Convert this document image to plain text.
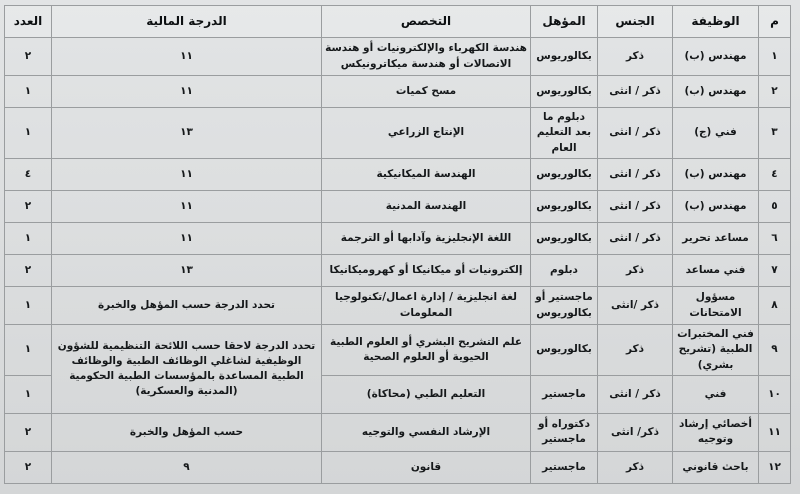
م	الوظيفة	الجنس	المؤهل	التخصص	الدرجة المالية	العدد
١	مهندس (ب)	ذكر	بكالوريوس	هندسة الكهرباء والإلكترونيات أو هندسة الاتصالات أو هندسة ميكاترونيكس	١١	٢
٢	مهندس (ب)	ذكر / انثى	بكالوريوس	مسح كميات	١١	١
٣	فني (ج)	ذكر / انثى	دبلوم ما بعد التعليم العام	الإنتاج الزراعي	١٣	١
٤	مهندس (ب)	ذكر / انثى	بكالوريوس	الهندسة الميكانيكية	١١	٤
٥	مهندس (ب)	ذكر / انثى	بكالوريوس	الهندسة المدنية	١١	٢
٦	مساعد تحرير	ذكر / انثى	بكالوريوس	اللغة الإنجليزية وآدابها أو الترجمة	١١	١
٧	فني مساعد	ذكر	دبلوم	إلكترونيات أو ميكانيكا أو كهروميكانيكا	١٣	٢
٨	مسؤول الامتحانات	ذكر /انثى	ماجستير أو بكالوريوس	لغة انجليزية / إدارة اعمال/تكنولوجيا المعلومات	تحدد الدرجة حسب المؤهل والخبرة	١
٩	فني المختبرات الطبية (تشريح بشري)	ذكر	بكالوريوس	علم التشريح البشري أو العلوم الطبية الحيوية أو العلوم الصحية	تحدد الدرجة لاحقا حسب اللائحة التنظيمية للشؤون الوظيفية لشاغلي الوظائف الطبية والوظائف الطبية المساعدة بالمؤسسات الطبية الحكومية (المدنية والعسكرية)	١
١٠	فني	ذكر / انثى	ماجستير	التعليم الطبي (محاكاة)		١
١١	أخصائي إرشاد وتوجيه	ذكر/ انثى	دكتوراه أو ماجستير	الإرشاد النفسي والتوجيه	حسب المؤهل والخبرة	٢
١٢	باحث قانوني	ذكر	ماجستير	قانون	٩	٢
